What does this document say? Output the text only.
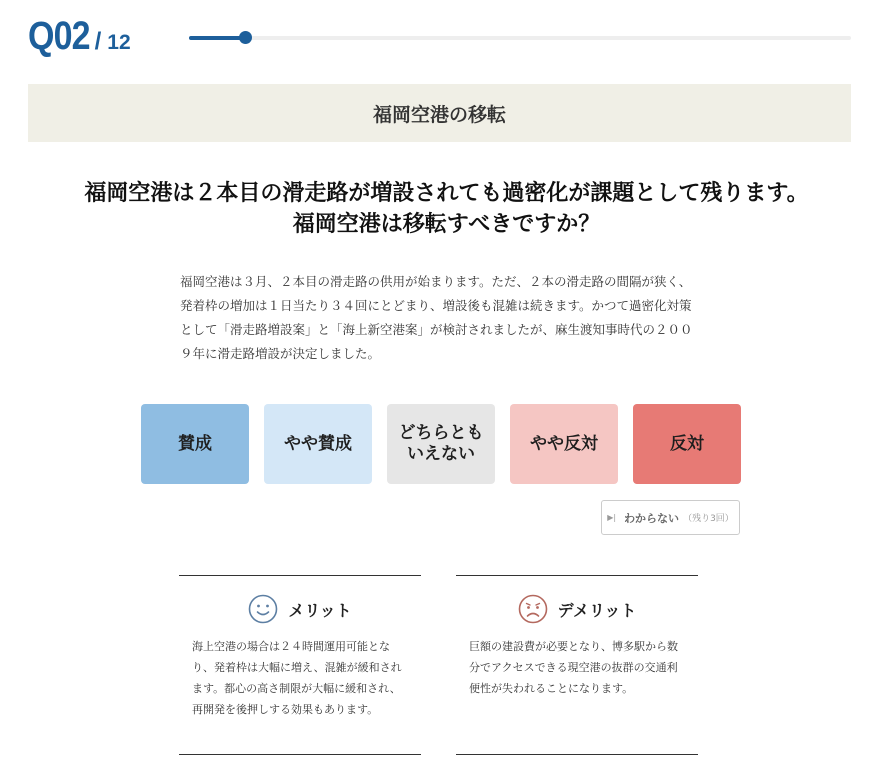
Q02 / 12
福岡空港の移転
福岡空港は２本目の滑走路が増設されても過密化が課題として残ります。
福岡空港は移転すべきですか？

福岡空港は３月、２本目の滑走路の供用が始まります。ただ、２本の滑走路の間隔が狭く、発着枠の増加は１日当たり３４回にとどまり、増設後も混雑は続きます。かつて過密化対策として「滑走路増設案」と「海上新空港案」が検討されましたが、麻生渡知事時代の２００９年に滑走路増設が決定しました。

賛成	やや賛成
どちらともいえない
やや反対	反対
▶| わからない （残り3回）
メリット

海上空港の場合は２４時間運用可能となり、発着枠は大幅に増え、混雑が緩和されます。都心の高さ制限が大幅に緩和され、再開発を後押しする効果もあります。

デメリット

巨額の建設費が必要となり、博多駅から数分でアクセスできる現空港の抜群の交通利便性が失われることになります。
